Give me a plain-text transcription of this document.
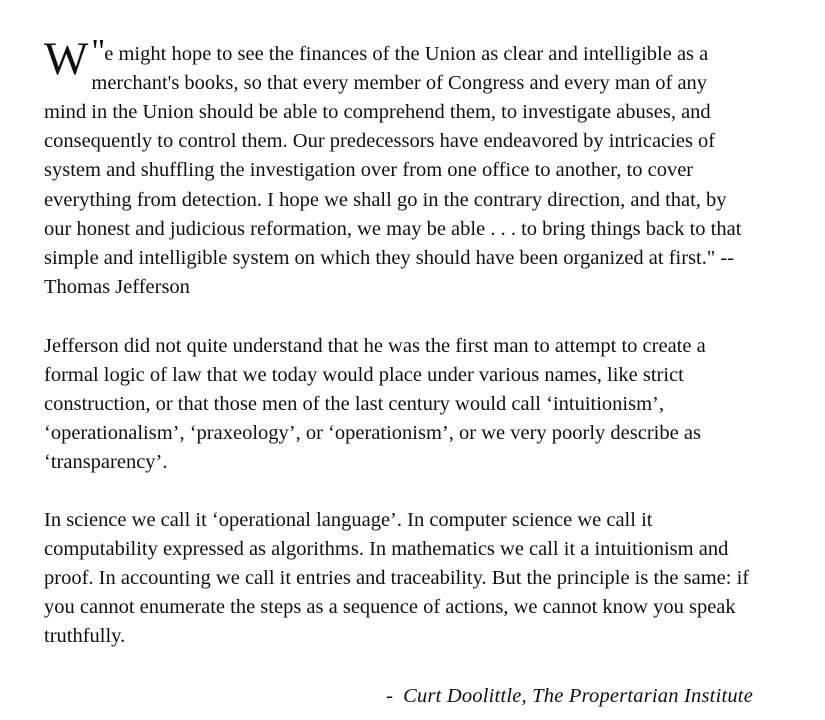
"
W e might hope to see the finances of the Union as clear and intelligible as a merchant's books, so that every member of Congress and every man of any mind in the Union should be able to comprehend them, to investigate abuses, and consequently to control them. Our predecessors have endeavored by intricacies of system and shuffling the investigation over from one office to another, to cover everything from detection. I hope we shall go in the contrary direction, and that, by our honest and judicious reformation, we may be able . . . to bring things back to that simple and intelligible system on which they should have been organized at first." -- Thomas Jefferson
Jefferson did not quite understand that he was the first man to attempt to create a formal logic of law that we today would place under various names, like strict construction, or that those men of the last century would call ‘intuitionism’, ‘operationalism’, ‘praxeology’, or ‘operationism’, or we very poorly describe as ‘transparency’.
In science we call it ‘operational language’. In computer science we call it computability expressed as algorithms. In mathematics we call it a intuitionism and proof. In accounting we call it entries and traceability. But the principle is the same: if you cannot enumerate the steps as a sequence of actions, we cannot know you speak truthfully.
- Curt Doolittle, The Propertarian Institute
